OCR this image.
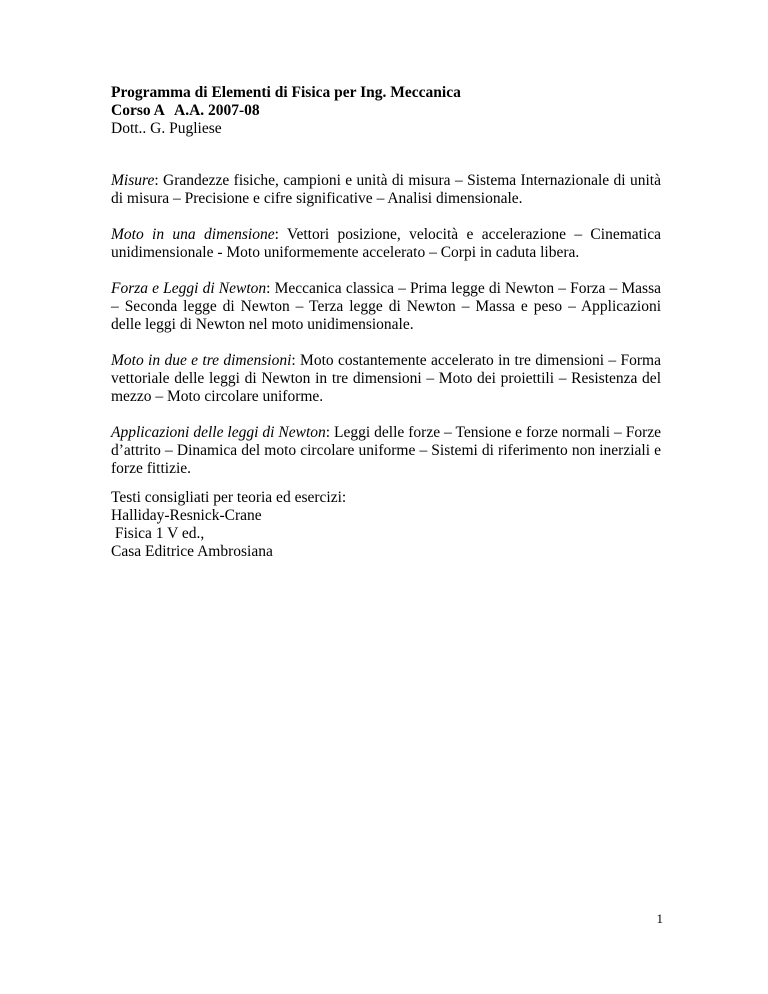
Programma di Elementi di Fisica per Ing. Meccanica
Corso A A.A. 2007-08
Dott.. G. Pugliese

Misure: Grandezze fisiche, campioni e unità di misura – Sistema Internazionale di unità di misura – Precisione e cifre significative – Analisi dimensionale.

Moto in una dimensione: Vettori posizione, velocità e accelerazione – Cinematica unidimensionale - Moto uniformemente accelerato – Corpi in caduta libera.

Forza e Leggi di Newton: Meccanica classica – Prima legge di Newton – Forza – Massa – Seconda legge di Newton – Terza legge di Newton – Massa e peso – Applicazioni delle leggi di Newton nel moto unidimensionale.

Moto in due e tre dimensioni: Moto costantemente accelerato in tre dimensioni – Forma vettoriale delle leggi di Newton in tre dimensioni – Moto dei proiettili – Resistenza del mezzo – Moto circolare uniforme.

Applicazioni delle leggi di Newton: Leggi delle forze – Tensione e forze normali – Forze d’attrito – Dinamica del moto circolare uniforme – Sistemi di riferimento non inerziali e forze fittizie.

Testi consigliati per teoria ed esercizi:
Halliday-Resnick-Crane
Fisica 1 V ed.,
Casa Editrice Ambrosiana
1
